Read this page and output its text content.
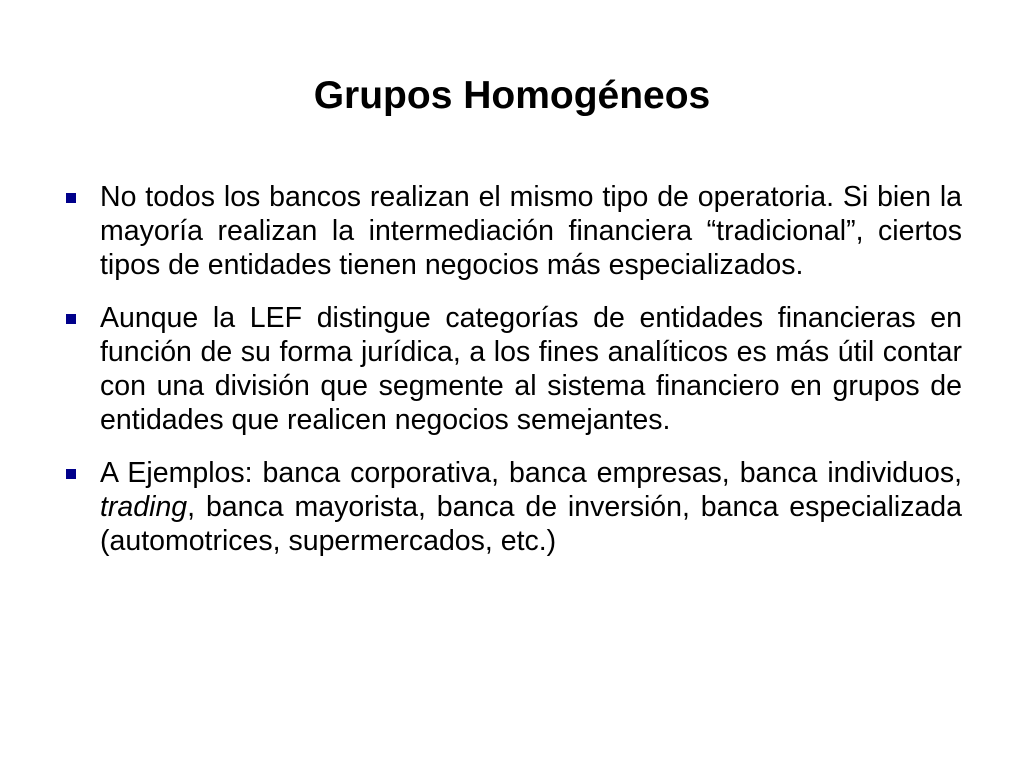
Grupos Homogéneos
No todos los bancos realizan el mismo tipo de operatoria. Si bien la mayoría realizan la intermediación financiera “tradicional”, ciertos tipos de entidades tienen negocios más especializados.
Aunque la LEF distingue categorías de entidades financieras en función de su forma jurídica, a los fines analíticos es más útil contar con una división que segmente al sistema financiero en grupos de entidades que realicen negocios semejantes.
A Ejemplos: banca corporativa, banca empresas, banca individuos, trading, banca mayorista, banca de inversión, banca especializada (automotrices, supermercados, etc.)
